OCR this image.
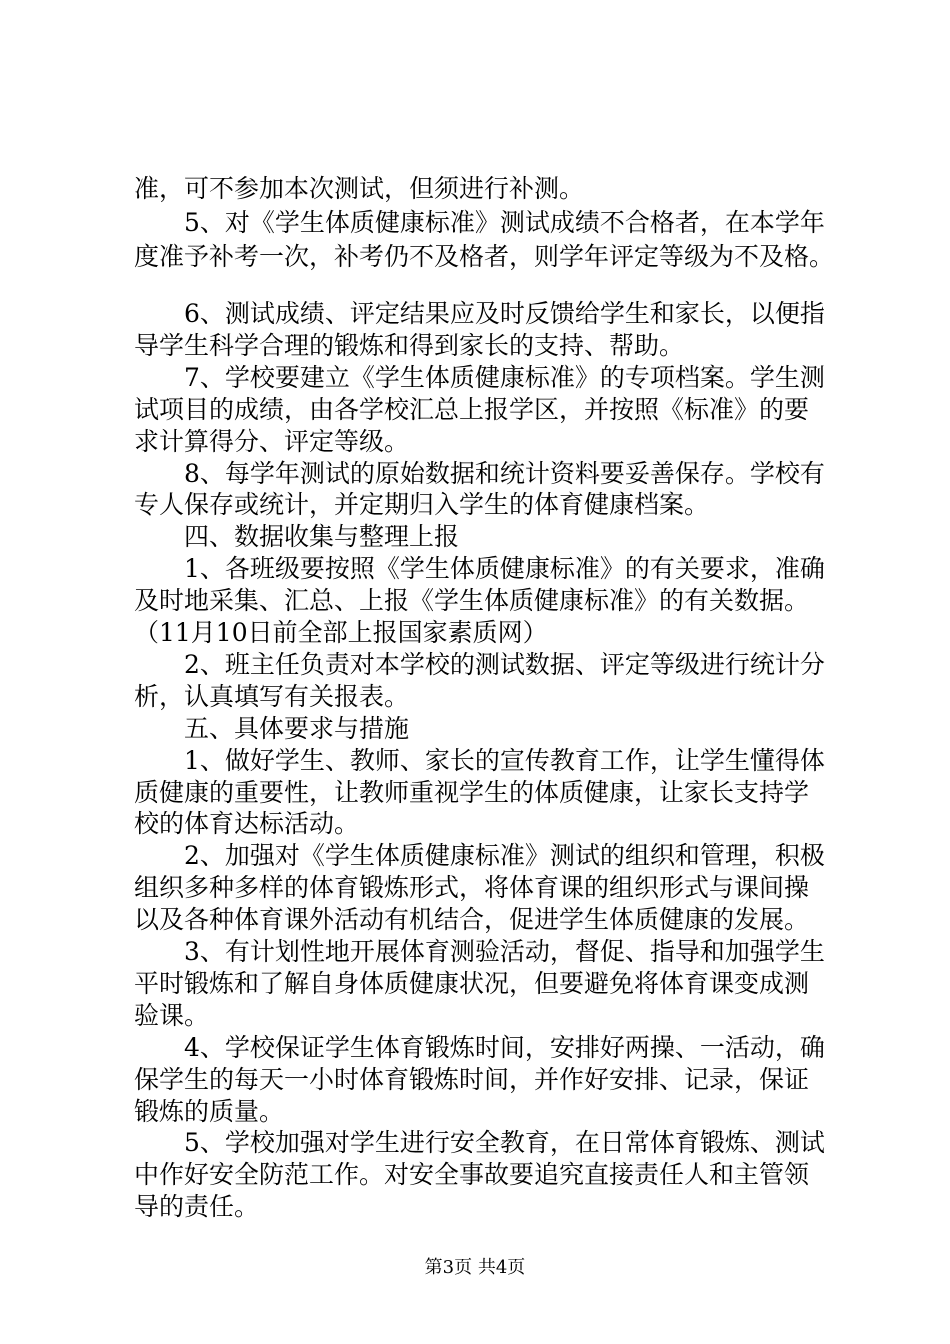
准，可不参加本次测试，但须进行补测。
　　5、对《学生体质健康标准》测试成绩不合格者，在本学年
度准予补考一次，补考仍不及格者，则学年评定等级为不及格。
　　6、测试成绩、评定结果应及时反馈给学生和家长，以便指
导学生科学合理的锻炼和得到家长的支持、帮助。
　　7、学校要建立《学生体质健康标准》的专项档案。学生测
试项目的成绩，由各学校汇总上报学区，并按照《标准》的要
求计算得分、评定等级。
　　8、每学年测试的原始数据和统计资料要妥善保存。学校有
专人保存或统计，并定期归入学生的体育健康档案。
　　四、数据收集与整理上报
　　1、各班级要按照《学生体质健康标准》的有关要求，准确
及时地采集、汇总、上报《学生体质健康标准》的有关数据。
（11月10日前全部上报国家素质网）
　　2、班主任负责对本学校的测试数据、评定等级进行统计分
析，认真填写有关报表。
　　五、具体要求与措施
　　1、做好学生、教师、家长的宣传教育工作，让学生懂得体
质健康的重要性，让教师重视学生的体质健康，让家长支持学
校的体育达标活动。
　　2、加强对《学生体质健康标准》测试的组织和管理，积极
组织多种多样的体育锻炼形式，将体育课的组织形式与课间操
以及各种体育课外活动有机结合，促进学生体质健康的发展。
　　3、有计划性地开展体育测验活动，督促、指导和加强学生
平时锻炼和了解自身体质健康状况，但要避免将体育课变成测
验课。
　　4、学校保证学生体育锻炼时间，安排好两操、一活动，确
保学生的每天一小时体育锻炼时间，并作好安排、记录，保证
锻炼的质量。
　　5、学校加强对学生进行安全教育，在日常体育锻炼、测试
中作好安全防范工作。对安全事故要追究直接责任人和主管领
导的责任。
第3页 共4页
